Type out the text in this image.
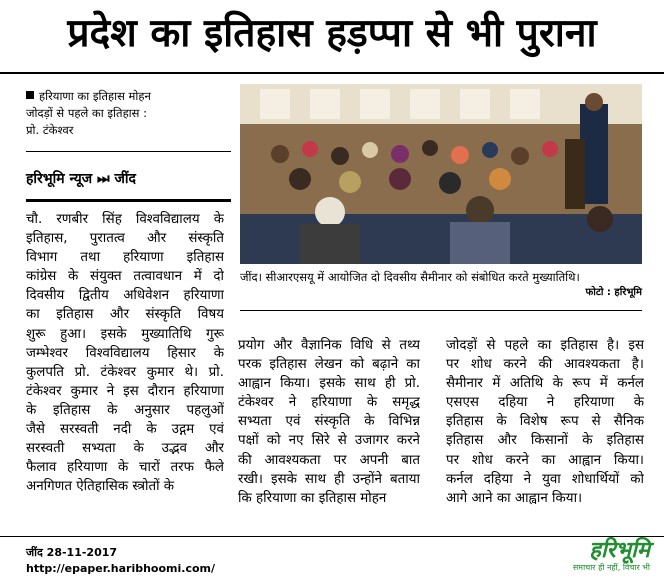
प्रदेश का इतिहास हड़प्पा से भी पुराना
हरियाणा का इतिहास मोहन
जोदड़ों से पहले का इतिहास :
प्रो. टंकेश्वर
हरिभूमि न्यूज ⏭ जींद
चौ. रणबीर सिंह विश्वविद्यालय के
इतिहास, पुरातत्व और संस्कृति
विभाग तथा हरियाणा इतिहास
कांग्रेस के संयुक्त तत्वावधान में दो
दिवसीय द्वितीय अधिवेशन हरियाणा
का इतिहास और संस्कृति विषय
शुरू हुआ। इसके मुख्यातिथि गुरू
जम्भेश्वर विश्वविद्यालय हिसार के
कुलपति प्रो. टंकेश्वर कुमार थे। प्रो.
टंकेश्वर कुमार ने इस दौरान हरियाणा
के इतिहास के अनुसार पहलुओं
जैसे सरस्वती नदी के उद्गम एवं
सरस्वती सभ्यता के उद्भव और
फैलाव हरियाणा के चारों तरफ फैले
अनगिणत ऐतिहासिक स्त्रोतों के
जींद। सीआरएसयू में आयोजित दो दिवसीय सैमीनार को संबोधित करते मुख्यातिथि।
फोटो : हरिभूमि
प्रयोग और वैज्ञानिक विधि से तथ्य
परक इतिहास लेखन को बढ़ाने का
आह्वान किया। इसके साथ ही प्रो.
टंकेश्वर ने हरियाणा के समृद्ध
सभ्यता एवं संस्कृति के विभिन्न
पक्षों को नए सिरे से उजागर करने
की आवश्यकता पर अपनी बात
रखी। इसके साथ ही उन्होंने बताया
कि हरियाणा का इतिहास मोहन
जोदड़ों से पहले का इतिहास है। इस
पर शोध करने की आवश्यकता है।
सैमीनार में अतिथि के रूप में कर्नल
एसएस दहिया ने हरियाणा के
इतिहास के विशेष रूप से सैनिक
इतिहास और किसानों के इतिहास
पर शोध करने का आह्वान किया।
कर्नल दहिया ने युवा शोधार्थियों को
आगे आने का आह्वान किया।
जींद 28-11-2017
http://epaper.haribhoomi.com/
हरिभूमि
समाचार ही नहीं, विचार भी
